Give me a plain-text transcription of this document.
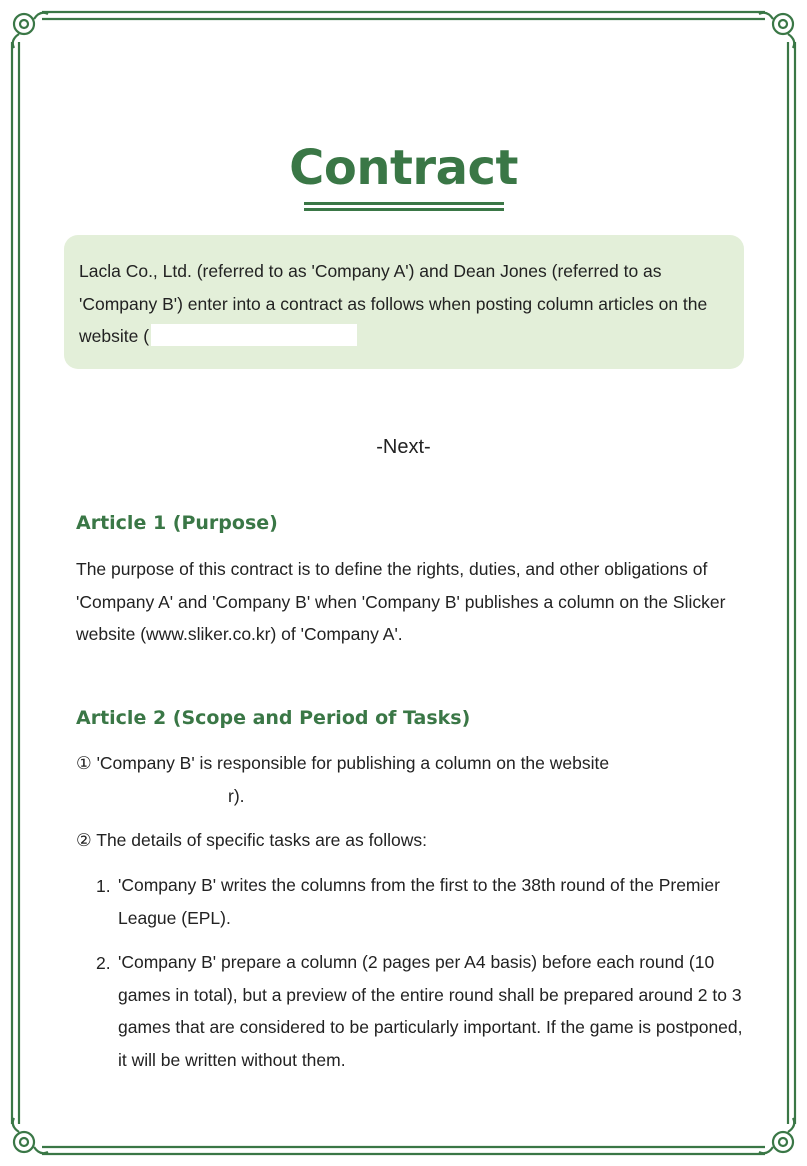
Contract
Lacla Co., Ltd. (referred to as 'Company A') and Dean Jones (referred to as 'Company B') enter into a contract as follows when posting column articles on the website (
-Next-
Article 1 (Purpose)
The purpose of this contract is to define the rights, duties, and other obligations of 'Company A' and 'Company B' when 'Company B' publishes a column on the Slicker website (www.sliker.co.kr) of 'Company A'.
Article 2 (Scope and Period of Tasks)
① 'Company B' is responsible for publishing a column on the website
r).
② The details of specific tasks are as follows:
1. 'Company B' writes the columns from the first to the 38th round of the Premier League (EPL).
2. 'Company B' prepare a column (2 pages per A4 basis) before each round (10 games in total), but a preview of the entire round shall be prepared around 2 to 3 games that are considered to be particularly important. If the game is postponed, it will be written without them.
